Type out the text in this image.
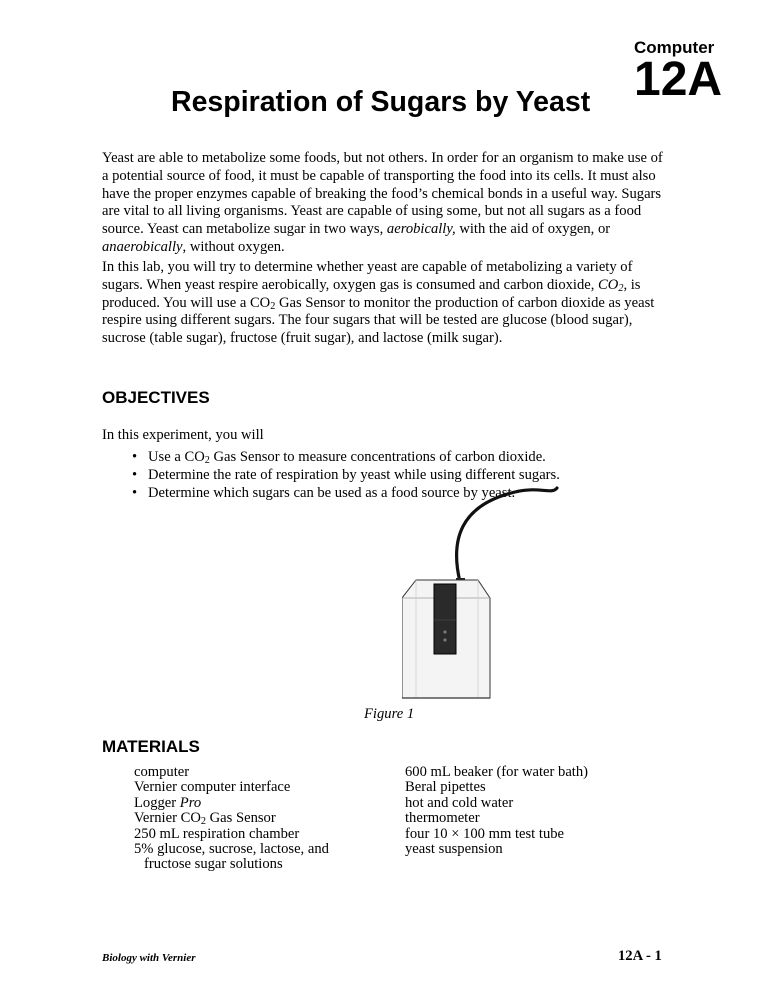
Computer
12A
Respiration of Sugars by Yeast

Yeast are able to metabolize some foods, but not others. In order for an organism to make use of a potential source of food, it must be capable of transporting the food into its cells. It must also have the proper enzymes capable of breaking the food’s chemical bonds in a useful way. Sugars are vital to all living organisms. Yeast are capable of using some, but not all sugars as a food source. Yeast can metabolize sugar in two ways, aerobically, with the aid of oxygen, or anaerobically, without oxygen.

In this lab, you will try to determine whether yeast are capable of metabolizing a variety of sugars. When yeast respire aerobically, oxygen gas is consumed and carbon dioxide, $CO_2$, is produced. You will use a $CO_2$ Gas Sensor to monitor the production of carbon dioxide as yeast respire using different sugars. The four sugars that will be tested are glucose (blood sugar), sucrose (table sugar), fructose (fruit sugar), and lactose (milk sugar).

OBJECTIVES
In this experiment, you will
• Use a $CO_2$ Gas Sensor to measure concentrations of carbon dioxide.
• Determine the rate of respiration by yeast while using different sugars.
• Determine which sugars can be used as a food source by yeast.
Figure 1
MATERIALS
computer
Vernier computer interface
Logger Pro
Vernier $CO_2$ Gas Sensor
250 mL respiration chamber
5% glucose, sucrose, lactose, and
fructose sugar solutions
600 mL beaker (for water bath)
Beral pipettes
hot and cold water
thermometer
four 10 × 100 mm test tube
yeast suspension
Biology with Vernier	12A - 1
